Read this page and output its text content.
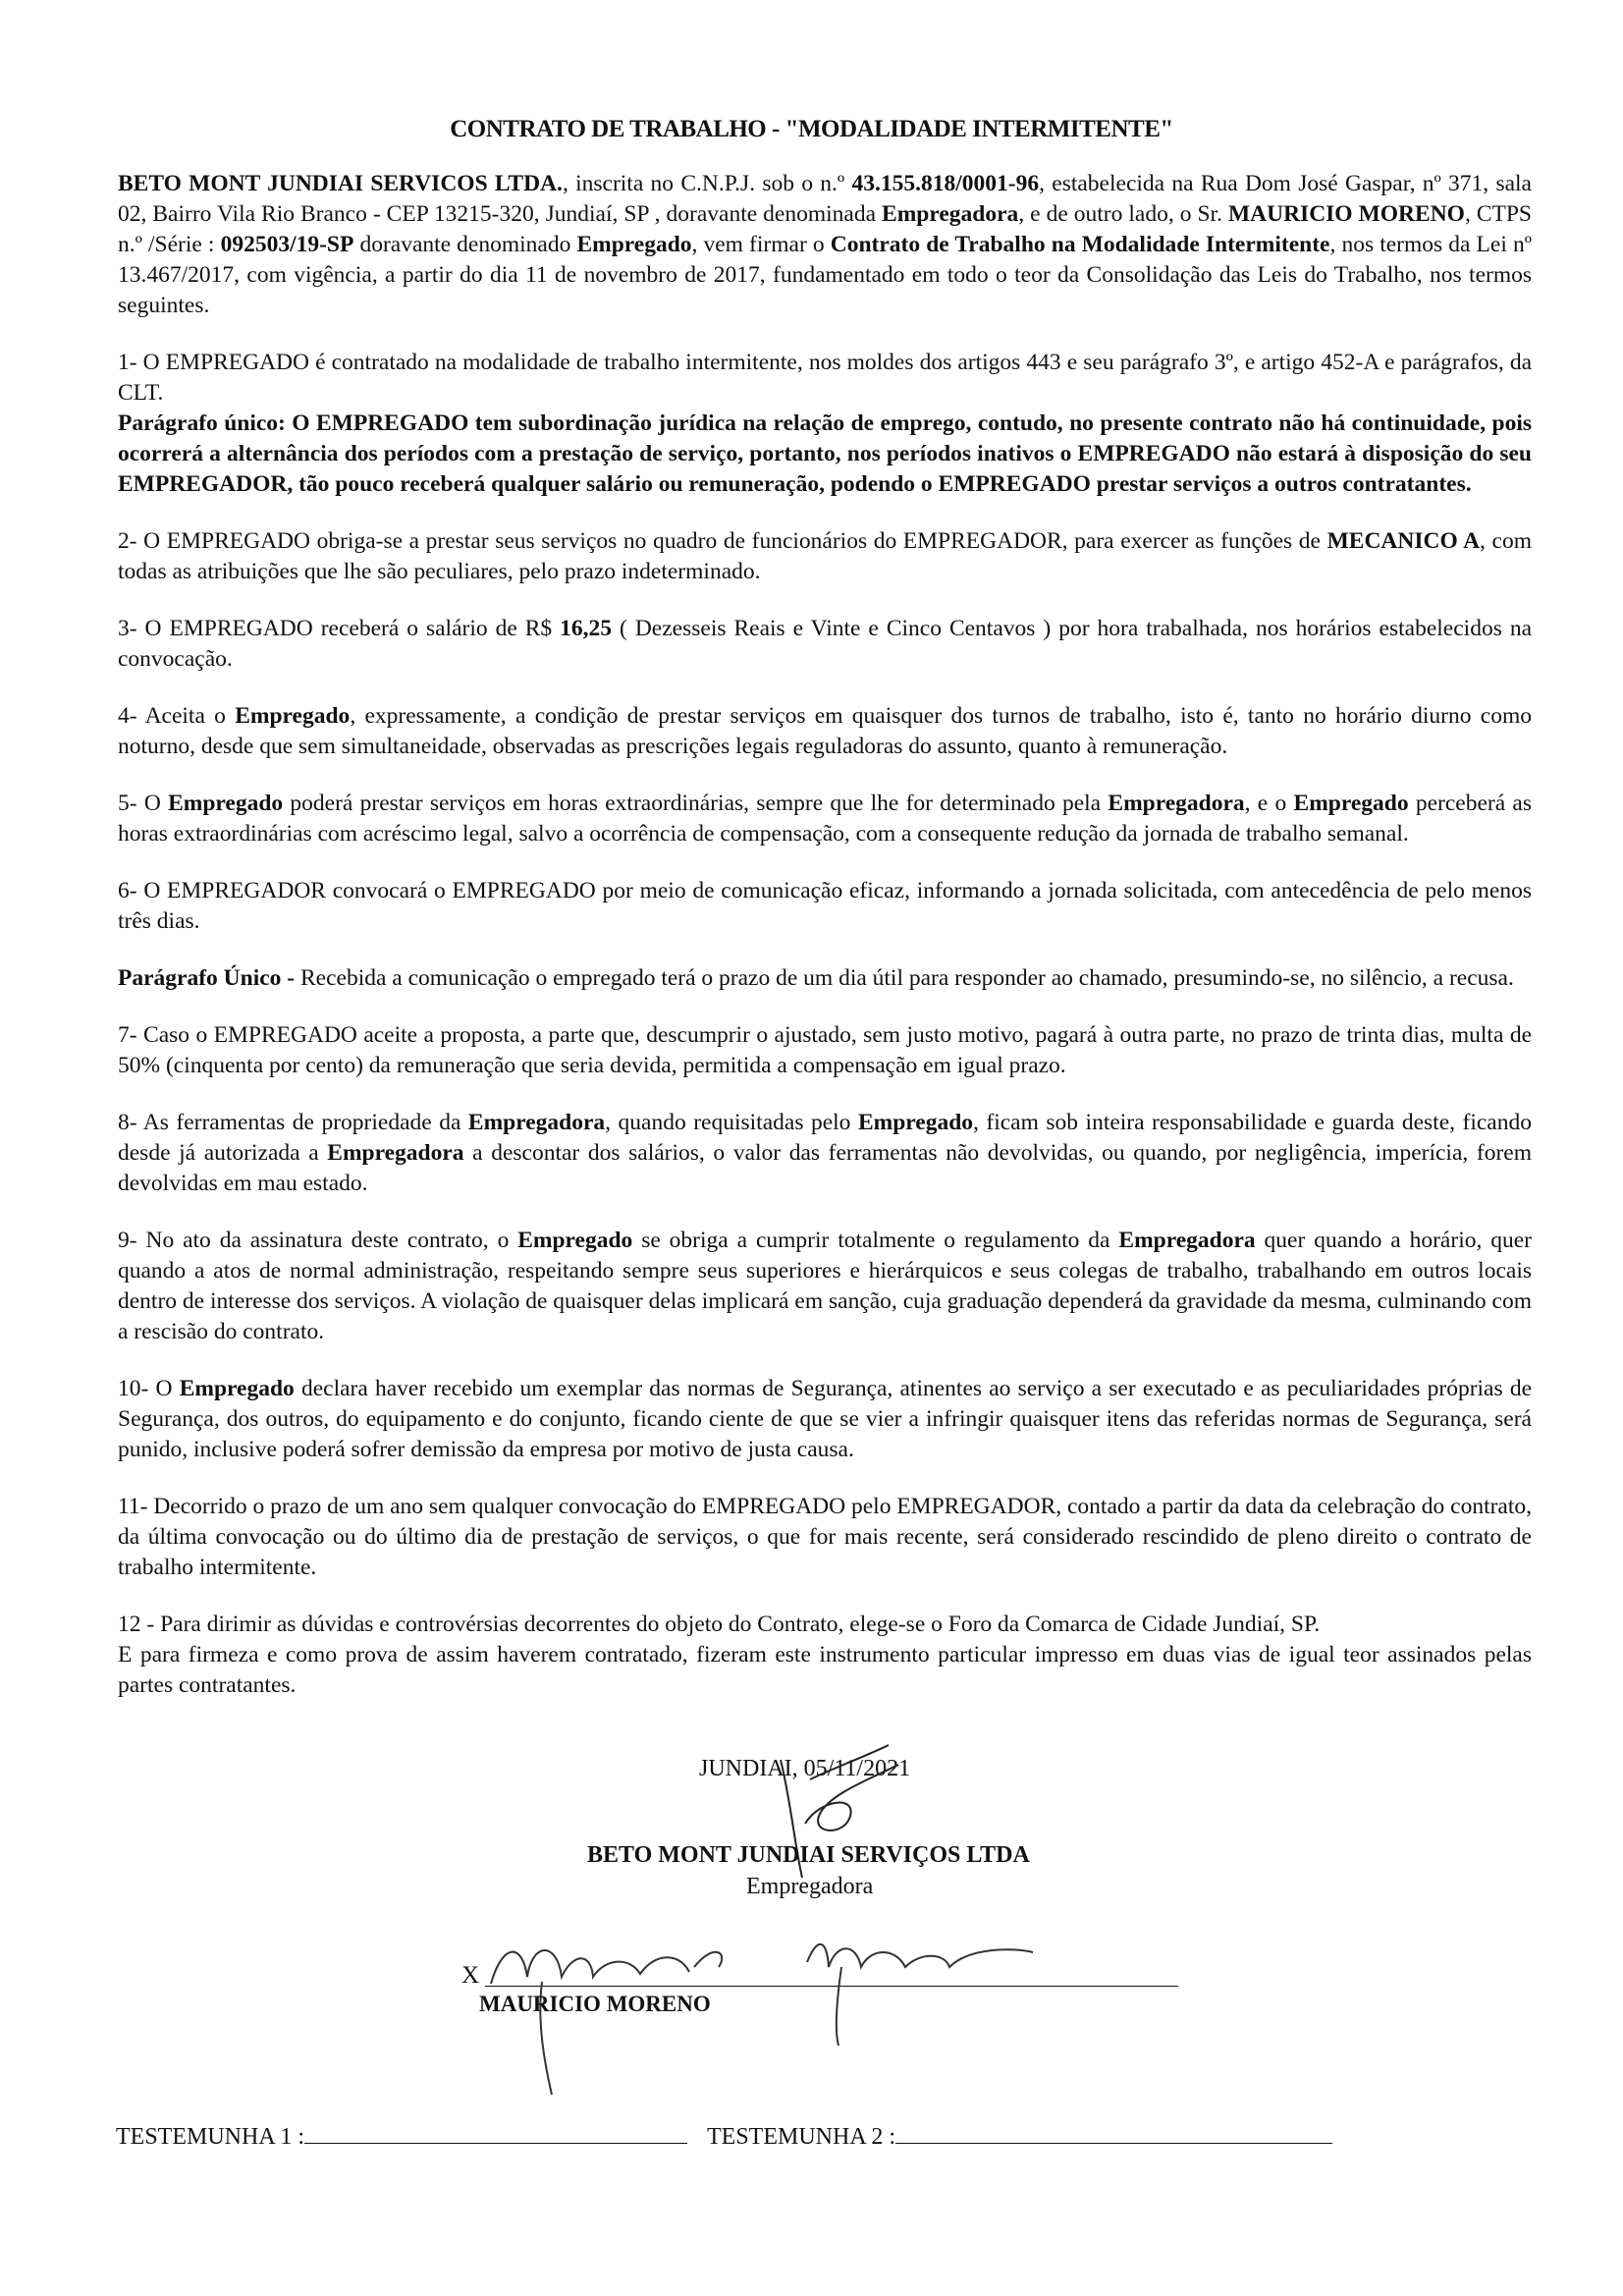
CONTRATO DE TRABALHO - "MODALIDADE INTERMITENTE"

BETO MONT JUNDIAI SERVICOS LTDA., inscrita no C.N.P.J. sob o n.º 43.155.818/0001-96, estabelecida na Rua Dom José Gaspar, nº 371, sala 02, Bairro Vila Rio Branco - CEP 13215-320, Jundiaí, SP , doravante denominada Empregadora, e de outro lado, o Sr. MAURICIO MORENO, CTPS n.º /Série : 092503/19-SP doravante denominado Empregado, vem firmar o Contrato de Trabalho na Modalidade Intermitente, nos termos da Lei nº 13.467/2017, com vigência, a partir do dia 11 de novembro de 2017, fundamentado em todo o teor da Consolidação das Leis do Trabalho, nos termos seguintes.

1- O EMPREGADO é contratado na modalidade de trabalho intermitente, nos moldes dos artigos 443 e seu parágrafo 3º, e artigo 452-A e parágrafos, da CLT.

Parágrafo único: O EMPREGADO tem subordinação jurídica na relação de emprego, contudo, no presente contrato não há continuidade, pois ocorrerá a alternância dos períodos com a prestação de serviço, portanto, nos períodos inativos o EMPREGADO não estará à disposição do seu EMPREGADOR, tão pouco receberá qualquer salário ou remuneração, podendo o EMPREGADO prestar serviços a outros contratantes.

2- O EMPREGADO obriga-se a prestar seus serviços no quadro de funcionários do EMPREGADOR, para exercer as funções de MECANICO A, com todas as atribuições que lhe são peculiares, pelo prazo indeterminado.

3- O EMPREGADO receberá o salário de R$ 16,25 ( Dezesseis Reais e Vinte e Cinco Centavos ) por hora trabalhada, nos horários estabelecidos na convocação.

4- Aceita o Empregado, expressamente, a condição de prestar serviços em quaisquer dos turnos de trabalho, isto é, tanto no horário diurno como noturno, desde que sem simultaneidade, observadas as prescrições legais reguladoras do assunto, quanto à remuneração.

5- O Empregado poderá prestar serviços em horas extraordinárias, sempre que lhe for determinado pela Empregadora, e o Empregado perceberá as horas extraordinárias com acréscimo legal, salvo a ocorrência de compensação, com a consequente redução da jornada de trabalho semanal.

6- O EMPREGADOR convocará o EMPREGADO por meio de comunicação eficaz, informando a jornada solicitada, com antecedência de pelo menos três dias.

Parágrafo Único - Recebida a comunicação o empregado terá o prazo de um dia útil para responder ao chamado, presumindo-se, no silêncio, a recusa.

7- Caso o EMPREGADO aceite a proposta, a parte que, descumprir o ajustado, sem justo motivo, pagará à outra parte, no prazo de trinta dias, multa de 50% (cinquenta por cento) da remuneração que seria devida, permitida a compensação em igual prazo.

8- As ferramentas de propriedade da Empregadora, quando requisitadas pelo Empregado, ficam sob inteira responsabilidade e guarda deste, ficando desde já autorizada a Empregadora a descontar dos salários, o valor das ferramentas não devolvidas, ou quando, por negligência, imperícia, forem devolvidas em mau estado.

9- No ato da assinatura deste contrato, o Empregado se obriga a cumprir totalmente o regulamento da Empregadora quer quando a horário, quer quando a atos de normal administração, respeitando sempre seus superiores e hierárquicos e seus colegas de trabalho, trabalhando em outros locais dentro de interesse dos serviços. A violação de quaisquer delas implicará em sanção, cuja graduação dependerá da gravidade da mesma, culminando com a rescisão do contrato.

10- O Empregado declara haver recebido um exemplar das normas de Segurança, atinentes ao serviço a ser executado e as peculiaridades próprias de Segurança, dos outros, do equipamento e do conjunto, ficando ciente de que se vier a infringir quaisquer itens das referidas normas de Segurança, será punido, inclusive poderá sofrer demissão da empresa por motivo de justa causa.

11- Decorrido o prazo de um ano sem qualquer convocação do EMPREGADO pelo EMPREGADOR, contado a partir da data da celebração do contrato, da última convocação ou do último dia de prestação de serviços, o que for mais recente, será considerado rescindido de pleno direito o contrato de trabalho intermitente.

12 - Para dirimir as dúvidas e controvérsias decorrentes do objeto do Contrato, elege-se o Foro da Comarca de Cidade Jundiaí, SP.

E para firmeza e como prova de assim haverem contratado, fizeram este instrumento particular impresso em duas vias de igual teor assinados pelas partes contratantes.

JUNDIAI, 05/11/2021
BETO MONT JUNDIAI SERVIÇOS LTDA
Empregadora
X
MAURICIO MORENO
TESTEMUNHA 1 :	TESTEMUNHA 2 :
